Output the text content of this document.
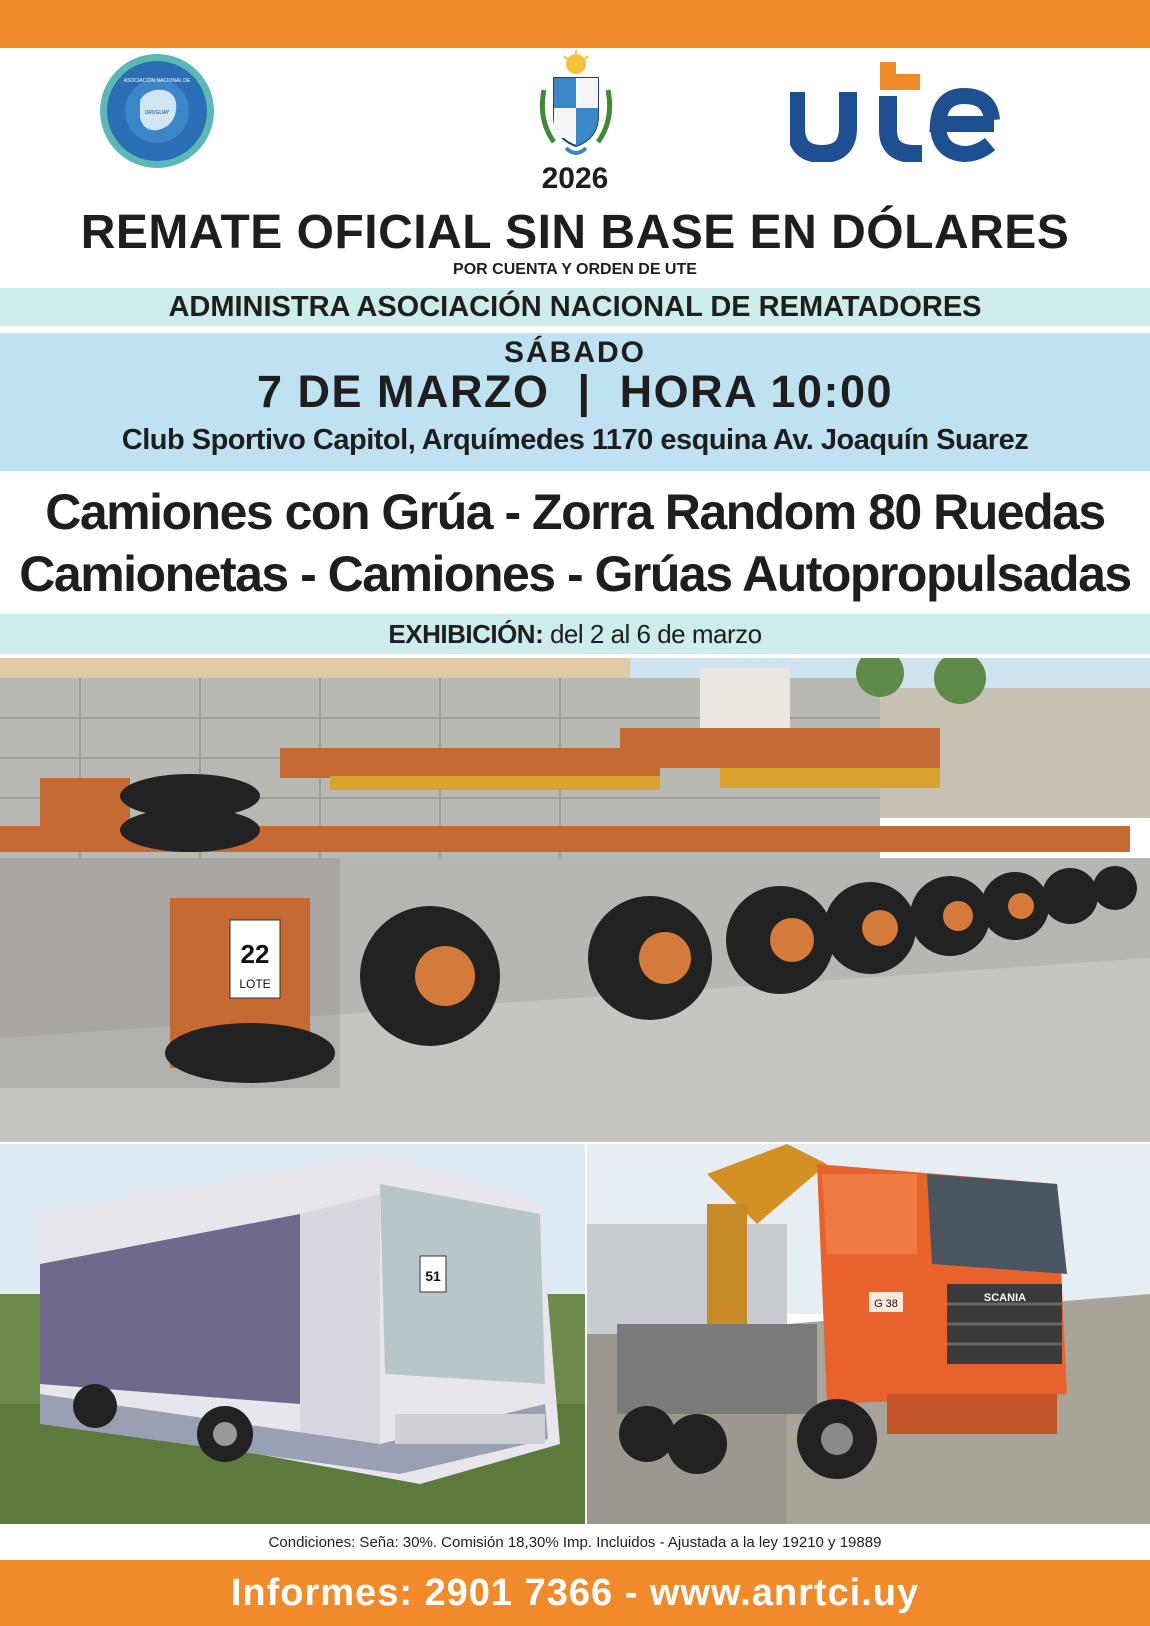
ASOCIACIÓN NACIONAL DE
URUGUAY
ute
2026
REMATE OFICIAL SIN BASE EN DÓLARES
POR CUENTA Y ORDEN DE UTE
ADMINISTRA ASOCIACIÓN NACIONAL DE REMATADORES
SÁBADO
7 DE MARZO  |  HORA 10:00
Club Sportivo Capitol, Arquímedes 1170 esquina Av. Joaquín Suarez
Camiones con Grúa - Zorra Random 80 Ruedas
Camionetas - Camiones - Grúas Autopropulsadas
EXHIBICIÓN: del 2 al 6 de marzo
22
LOTE
51
SCANIA
G 38
Condiciones: Seña: 30%. Comisión 18,30% Imp. Incluidos - Ajustada a la ley 19210 y 19889
Informes: 2901 7366 - www.anrtci.uy
